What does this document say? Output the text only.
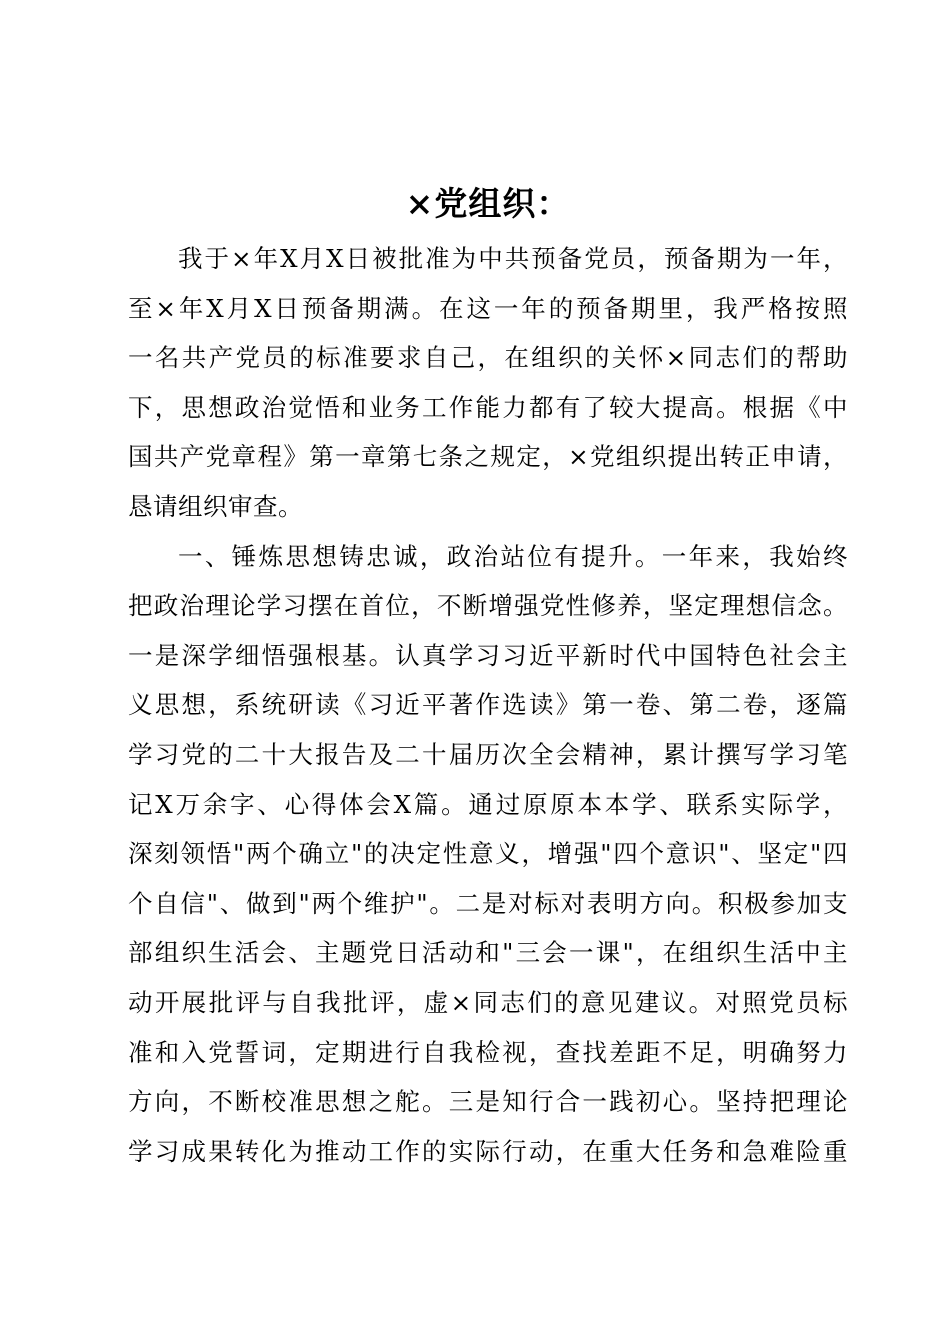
×党组织：
我于×年X月X日被批准为中共预备党员，预备期为一年，
至×年X月X日预备期满。在这一年的预备期里，我严格按照
一名共产党员的标准要求自己，在组织的关怀×同志们的帮助
下，思想政治觉悟和业务工作能力都有了较大提高。根据《中
国共产党章程》第一章第七条之规定，×党组织提出转正申请，
恳请组织审查。
一、锤炼思想铸忠诚，政治站位有提升。一年来，我始终
把政治理论学习摆在首位，不断增强党性修养，坚定理想信念。
一是深学细悟强根基。认真学习习近平新时代中国特色社会主
义思想，系统研读《习近平著作选读》第一卷、第二卷，逐篇
学习党的二十大报告及二十届历次全会精神，累计撰写学习笔
记X万余字、心得体会X篇。通过原原本本学、联系实际学，
深刻领悟"两个确立"的决定性意义，增强"四个意识"、坚定"四
个自信"、做到"两个维护"。二是对标对表明方向。积极参加支
部组织生活会、主题党日活动和"三会一课"，在组织生活中主
动开展批评与自我批评，虚×同志们的意见建议。对照党员标
准和入党誓词，定期进行自我检视，查找差距不足，明确努力
方向，不断校准思想之舵。三是知行合一践初心。坚持把理论
学习成果转化为推动工作的实际行动，在重大任务和急难险重
